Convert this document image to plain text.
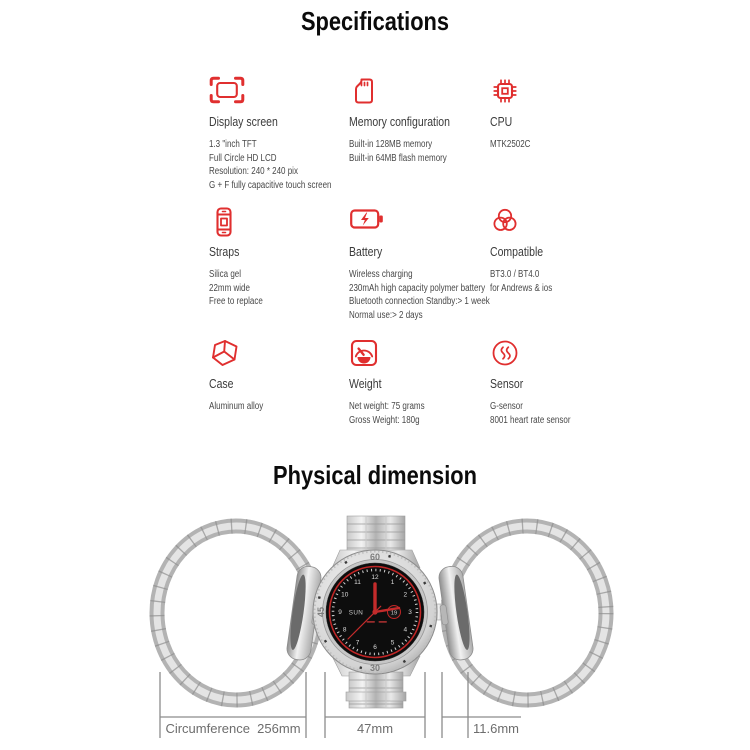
Specifications
Display screen
1.3 "inch TFT
Full Circle HD LCD
Resolution: 240 * 240 pix
G + F fully capacitive touch screen
Memory configuration
Built-in 128MB memory
Built-in 64MB flash memory
CPU
MTK2502C
Straps
Silica gel
22mm wide
Free to replace
Battery
Wireless charging
230mAh high capacity polymer battery
Bluetooth connection Standby:> 1 week
Normal use:> 2 days
Compatible
BT3.0 / BT4.0
for Andrews & ios
Case
Aluminum alloy
Weight
Net weight: 75 grams
Gross Weight: 180g
Sensor
G-sensor
8001 heart rate sensor
Physical dimension
60
45
30
12
1
2
3
4
5
6
7
8
9
10
11
SUN	19
Circumference  256mm	47mm	11.6mm
